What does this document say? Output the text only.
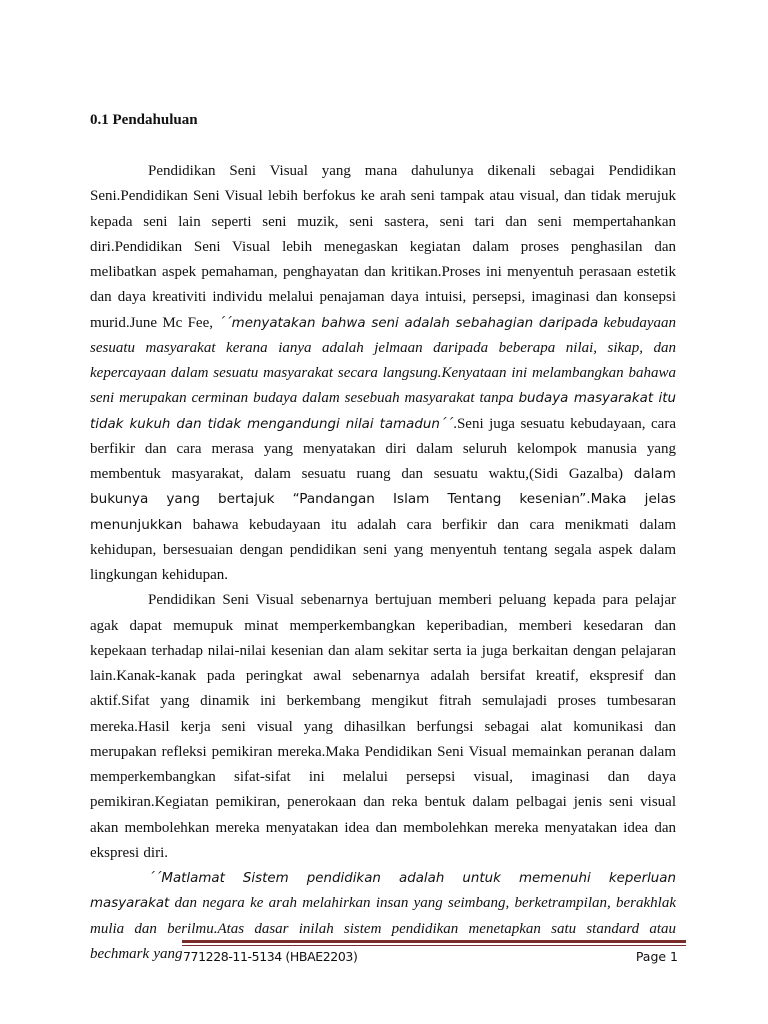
0.1 Pendahuluan

Pendidikan Seni Visual yang mana dahulunya dikenali sebagai Pendidikan Seni.Pendidikan Seni Visual lebih berfokus ke arah seni tampak atau visual, dan tidak merujuk kepada seni lain seperti seni muzik, seni sastera, seni tari dan seni mempertahankan diri.Pendidikan Seni Visual lebih menegaskan kegiatan dalam proses penghasilan dan melibatkan aspek pemahaman, penghayatan dan kritikan.Proses ini menyentuh perasaan estetik dan daya kreativiti individu melalui penajaman daya intuisi, persepsi, imaginasi dan konsepsi murid.June Mc Fee, ´´menyatakan bahwa seni adalah sebahagian daripada kebudayaan sesuatu masyarakat kerana ianya adalah jelmaan daripada beberapa nilai, sikap, dan kepercayaan dalam sesuatu masyarakat secara langsung.Kenyataan ini melambangkan bahawa seni merupakan cerminan budaya dalam sesebuah masyarakat tanpa budaya masyarakat itu tidak kukuh dan tidak mengandungi nilai tamadun´´.Seni juga sesuatu kebudayaan, cara berfikir dan cara merasa yang menyatakan diri dalam seluruh kelompok manusia yang membentuk masyarakat, dalam sesuatu ruang dan sesuatu waktu,(Sidi Gazalba) dalam bukunya yang bertajuk “Pandangan Islam Tentang kesenian”.Maka jelas menunjukkan bahawa kebudayaan itu adalah cara berfikir dan cara menikmati dalam kehidupan, bersesuaian dengan pendidikan seni yang menyentuh tentang segala aspek dalam lingkungan kehidupan.

Pendidikan Seni Visual sebenarnya bertujuan memberi peluang kepada para pelajar agak dapat memupuk minat memperkembangkan keperibadian, memberi kesedaran dan kepekaan terhadap nilai-nilai kesenian dan alam sekitar serta ia juga berkaitan dengan pelajaran lain.Kanak-kanak pada peringkat awal sebenarnya adalah bersifat kreatif, ekspresif dan aktif.Sifat yang dinamik ini berkembang mengikut fitrah semulajadi proses tumbesaran mereka.Hasil kerja seni visual yang dihasilkan berfungsi sebagai alat komunikasi dan merupakan refleksi pemikiran mereka.Maka Pendidikan Seni Visual memainkan peranan dalam memperkembangkan sifat-sifat ini melalui persepsi visual, imaginasi dan daya pemikiran.Kegiatan pemikiran, penerokaan dan reka bentuk dalam pelbagai jenis seni visual akan membolehkan mereka menyatakan idea dan membolehkan mereka menyatakan idea dan ekspresi diri.

´´Matlamat Sistem pendidikan adalah untuk memenuhi keperluan masyarakat dan negara ke arah melahirkan insan yang seimbang, berketrampilan, berakhlak mulia dan berilmu.Atas dasar inilah sistem pendidikan menetapkan satu standard atau bechmark yang 771228-11-5134 (HBAE2203)	Page 1
